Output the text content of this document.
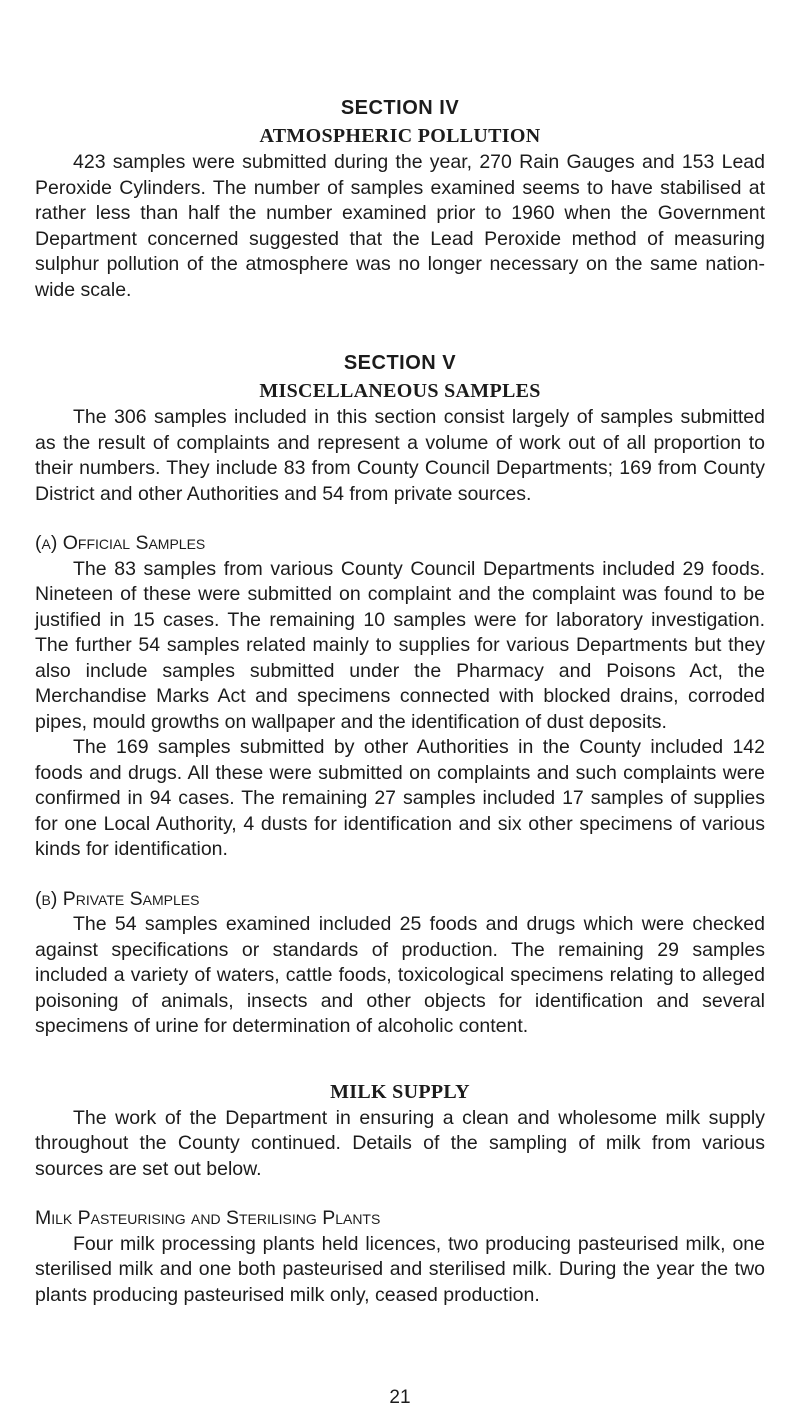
SECTION IV
ATMOSPHERIC POLLUTION

423 samples were submitted during the year, 270 Rain Gauges and 153 Lead Peroxide Cylinders. The number of samples examined seems to have stabilised at rather less than half the number examined prior to 1960 when the Government Department concerned suggested that the Lead Peroxide method of measuring sulphur pollution of the atmosphere was no longer necessary on the same nation-wide scale.

SECTION V
MISCELLANEOUS SAMPLES

The 306 samples included in this section consist largely of samples submitted as the result of complaints and represent a volume of work out of all proportion to their numbers. They include 83 from County Council Departments; 169 from County District and other Authorities and 54 from private sources.

(a) Official Samples

The 83 samples from various County Council Departments included 29 foods. Nineteen of these were submitted on complaint and the complaint was found to be justified in 15 cases. The remaining 10 samples were for laboratory investigation. The further 54 samples related mainly to supplies for various Departments but they also include samples submitted under the Pharmacy and Poisons Act, the Merchandise Marks Act and specimens connected with blocked drains, corroded pipes, mould growths on wallpaper and the identification of dust deposits.

The 169 samples submitted by other Authorities in the County included 142 foods and drugs. All these were submitted on complaints and such complaints were confirmed in 94 cases. The remaining 27 samples included 17 samples of supplies for one Local Authority, 4 dusts for identification and six other specimens of various kinds for identification.

(b) Private Samples

The 54 samples examined included 25 foods and drugs which were checked against specifications or standards of production. The remaining 29 samples included a variety of waters, cattle foods, toxicological specimens relating to alleged poisoning of animals, insects and other objects for identification and several specimens of urine for determination of alcoholic content.

MILK SUPPLY

The work of the Department in ensuring a clean and wholesome milk supply throughout the County continued. Details of the sampling of milk from various sources are set out below.

Milk Pasteurising and Sterilising Plants

Four milk processing plants held licences, two producing pasteurised milk, one sterilised milk and one both pasteurised and sterilised milk. During the year the two plants producing pasteurised milk only, ceased production.

21
